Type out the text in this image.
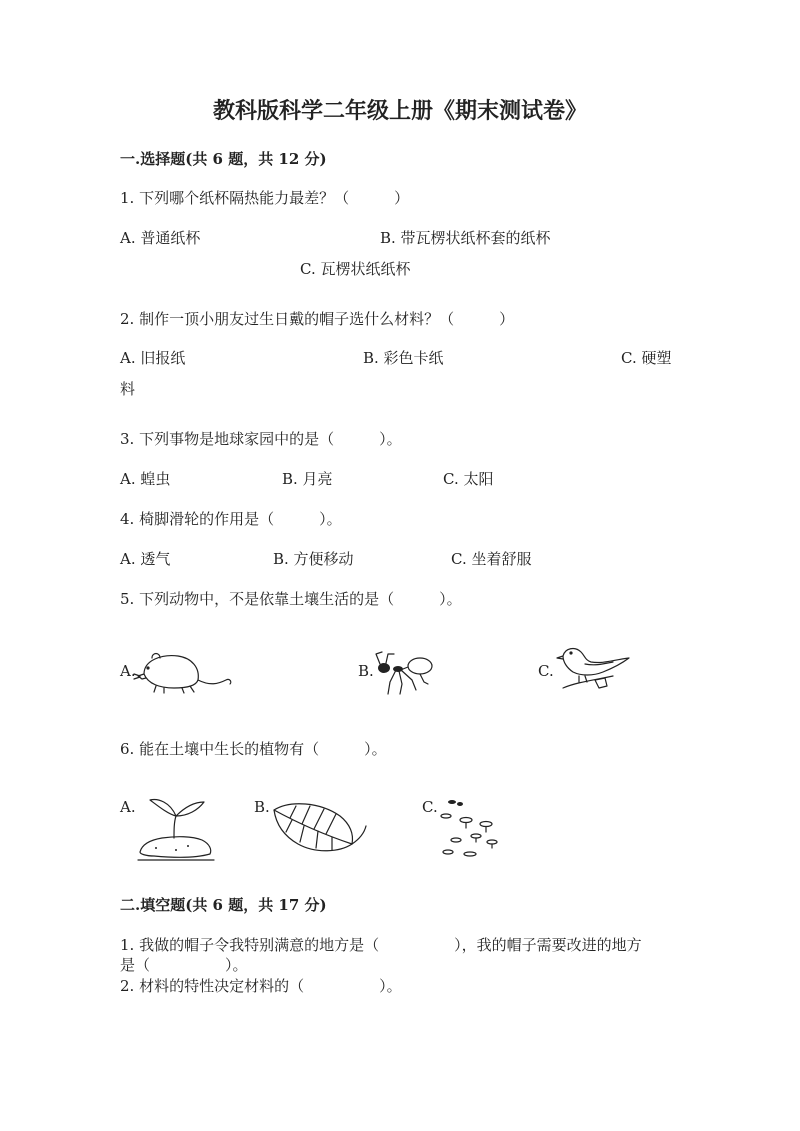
教科版科学二年级上册《期末测试卷》
一.选择题(共 6 题，共 12 分)
1. 下列哪个纸杯隔热能力最差？（　　　）
A. 普通纸杯	B. 带瓦楞状纸杯套的纸杯
C. 瓦楞状纸纸杯
2. 制作一顶小朋友过生日戴的帽子选什么材料？（　　　）
A. 旧报纸	B. 彩色卡纸	C. 硬塑
料
3. 下列事物是地球家园中的是（　　　）。
A. 蝗虫	B. 月亮	C. 太阳
4. 椅脚滑轮的作用是（　　　）。
A. 透气	B. 方便移动	C. 坐着舒服
5. 下列动物中，不是依靠土壤生活的是（　　　）。
A.	B.	C.
6. 能在土壤中生长的植物有（　　　）。
A.	B.	C.
二.填空题(共 6 题，共 17 分)
1. 我做的帽子令我特别满意的地方是（　　　　　），我的帽子需要改进的地方
是（　　　　　）。
2. 材料的特性决定材料的（　　　　　）。
